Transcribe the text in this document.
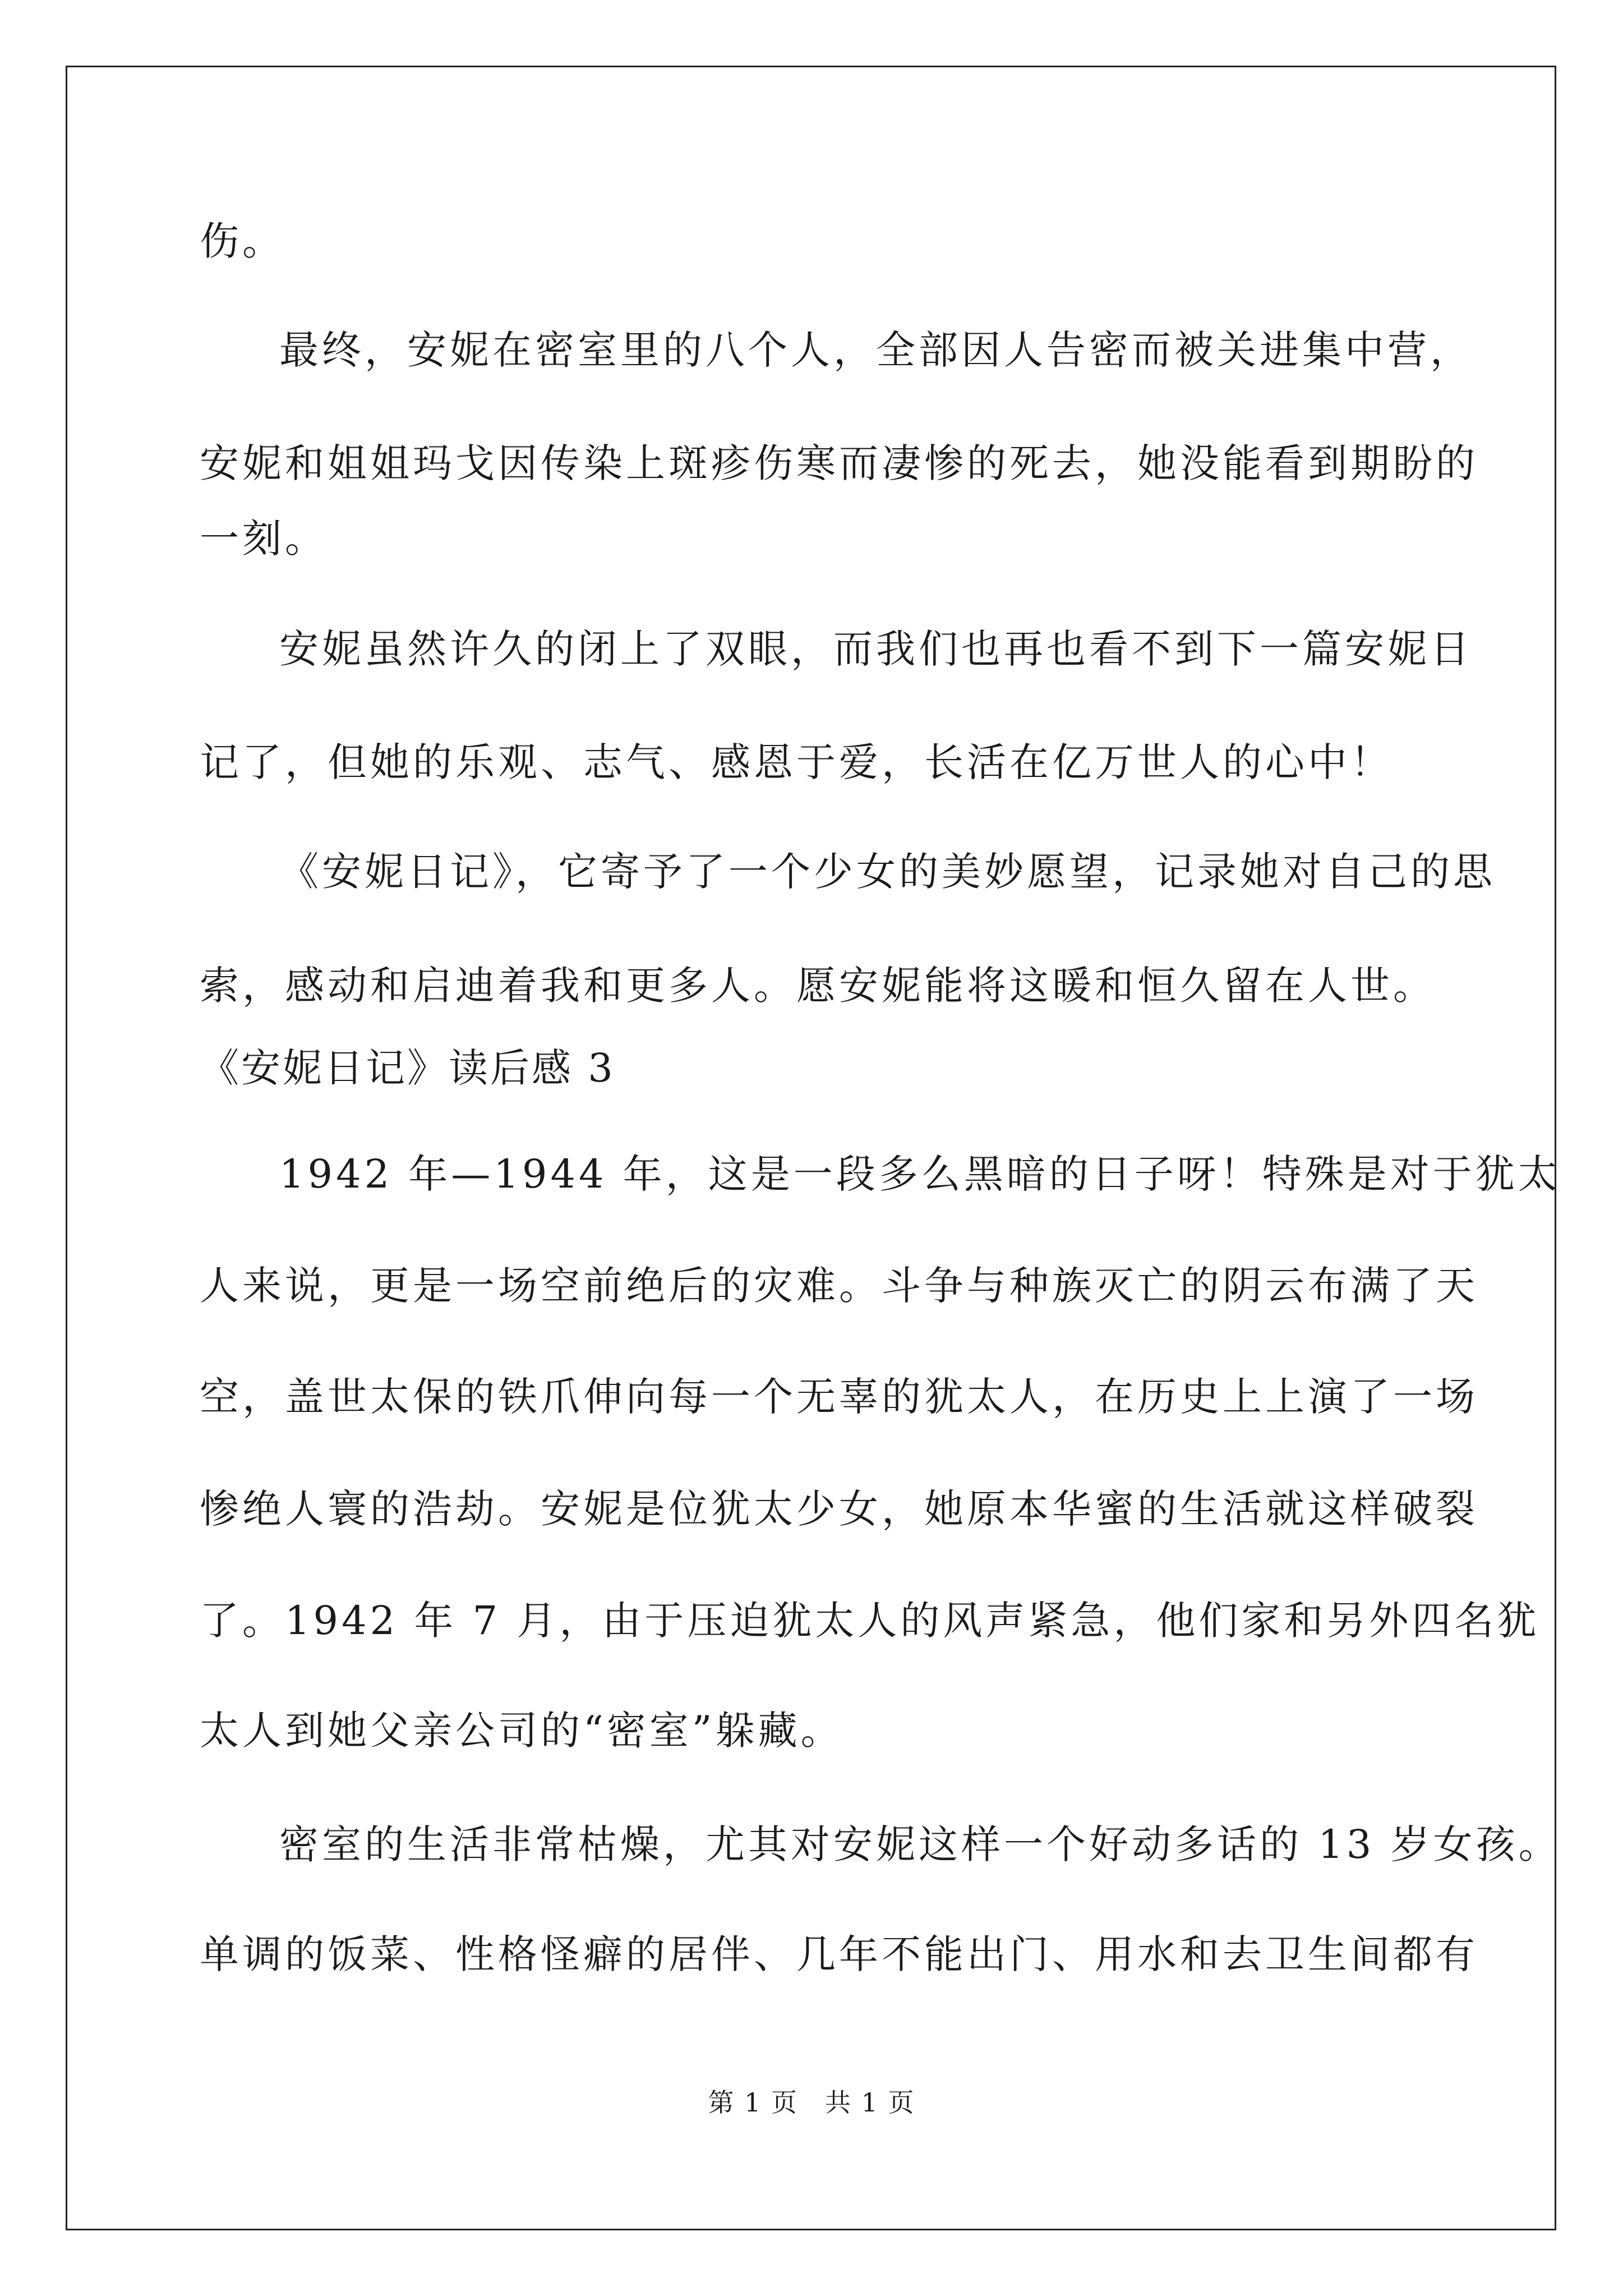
伤。
最终，安妮在密室里的八个人，全部因人告密而被关进集中营，
安妮和姐姐玛戈因传染上斑疹伤寒而凄惨的死去，她没能看到期盼的
一刻。
安妮虽然许久的闭上了双眼，而我们也再也看不到下一篇安妮日
记了，但她的乐观、志气、感恩于爱，长活在亿万世人的心中！
《安妮日记》，它寄予了一个少女的美妙愿望，记录她对自己的思
索，感动和启迪着我和更多人。愿安妮能将这暖和恒久留在人世。
《安妮日记》读后感 3
1942 年—1944 年，这是一段多么黑暗的日子呀！特殊是对于犹太
人来说，更是一场空前绝后的灾难。斗争与种族灭亡的阴云布满了天
空，盖世太保的铁爪伸向每一个无辜的犹太人，在历史上上演了一场
惨绝人寰的浩劫。安妮是位犹太少女，她原本华蜜的生活就这样破裂
了。1942 年 7 月，由于压迫犹太人的风声紧急，他们家和另外四名犹
太人到她父亲公司的“密室”躲藏。
密室的生活非常枯燥，尤其对安妮这样一个好动多话的 13 岁女孩。
单调的饭菜、性格怪癖的居伴、几年不能出门、用水和去卫生间都有
第 1 页　共 1 页
